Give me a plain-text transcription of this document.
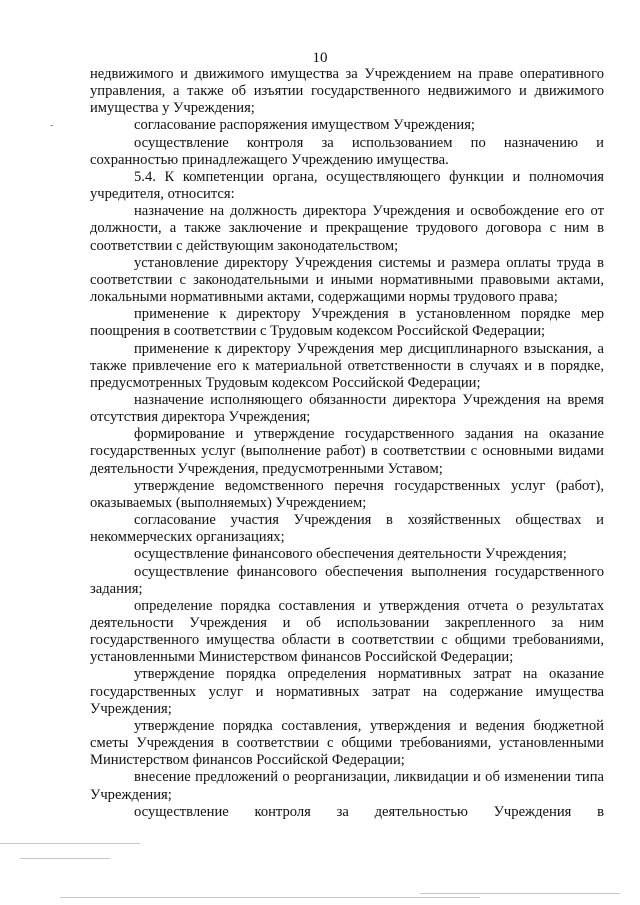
10
-

недвижимого и движимого имущества за Учреждением на праве оперативного управления, а также об изъятии государственного недвижимого и движимого имущества у Учреждения;

согласование распоряжения имуществом Учреждения;

осуществление контроля за использованием по назначению и сохранностью принадлежащего Учреждению имущества.

5.4. К компетенции органа, осуществляющего функции и полномочия учредителя, относится:

назначение на должность директора Учреждения и освобождение его от должности, а также заключение и прекращение трудового договора с ним в соответствии с действующим законодательством;

установление директору Учреждения системы и размера оплаты труда в соответствии с законодательными и иными нормативными правовыми актами, локальными нормативными актами, содержащими нормы трудового права;

применение к директору Учреждения в установленном порядке мер поощрения в соответствии с Трудовым кодексом Российской Федерации;

применение к директору Учреждения мер дисциплинарного взыскания, а также привлечение его к материальной ответственности в случаях и в порядке, предусмотренных Трудовым кодексом Российской Федерации;

назначение исполняющего обязанности директора Учреждения на время отсутствия директора Учреждения;

формирование и утверждение государственного задания на оказание государственных услуг (выполнение работ) в соответствии с основными видами деятельности Учреждения, предусмотренными Уставом;

утверждение ведомственного перечня государственных услуг (работ), оказываемых (выполняемых) Учреждением;

согласование участия Учреждения в хозяйственных обществах и некоммерческих организациях;

осуществление финансового обеспечения деятельности Учреждения;

осуществление финансового обеспечения выполнения государственного задания;

определение порядка составления и утверждения отчета о результатах деятельности Учреждения и об использовании закрепленного за ним государственного имущества области в соответствии с общими требованиями, установленными Министерством финансов Российской Федерации;

утверждение порядка определения нормативных затрат на оказание государственных услуг и нормативных затрат на содержание имущества Учреждения;

утверждение порядка составления, утверждения и ведения бюджетной сметы Учреждения в соответствии с общими требованиями, установленными Министерством финансов Российской Федерации;

внесение предложений о реорганизации, ликвидации и об изменении типа Учреждения;

осуществление контроля за деятельностью Учреждения в
